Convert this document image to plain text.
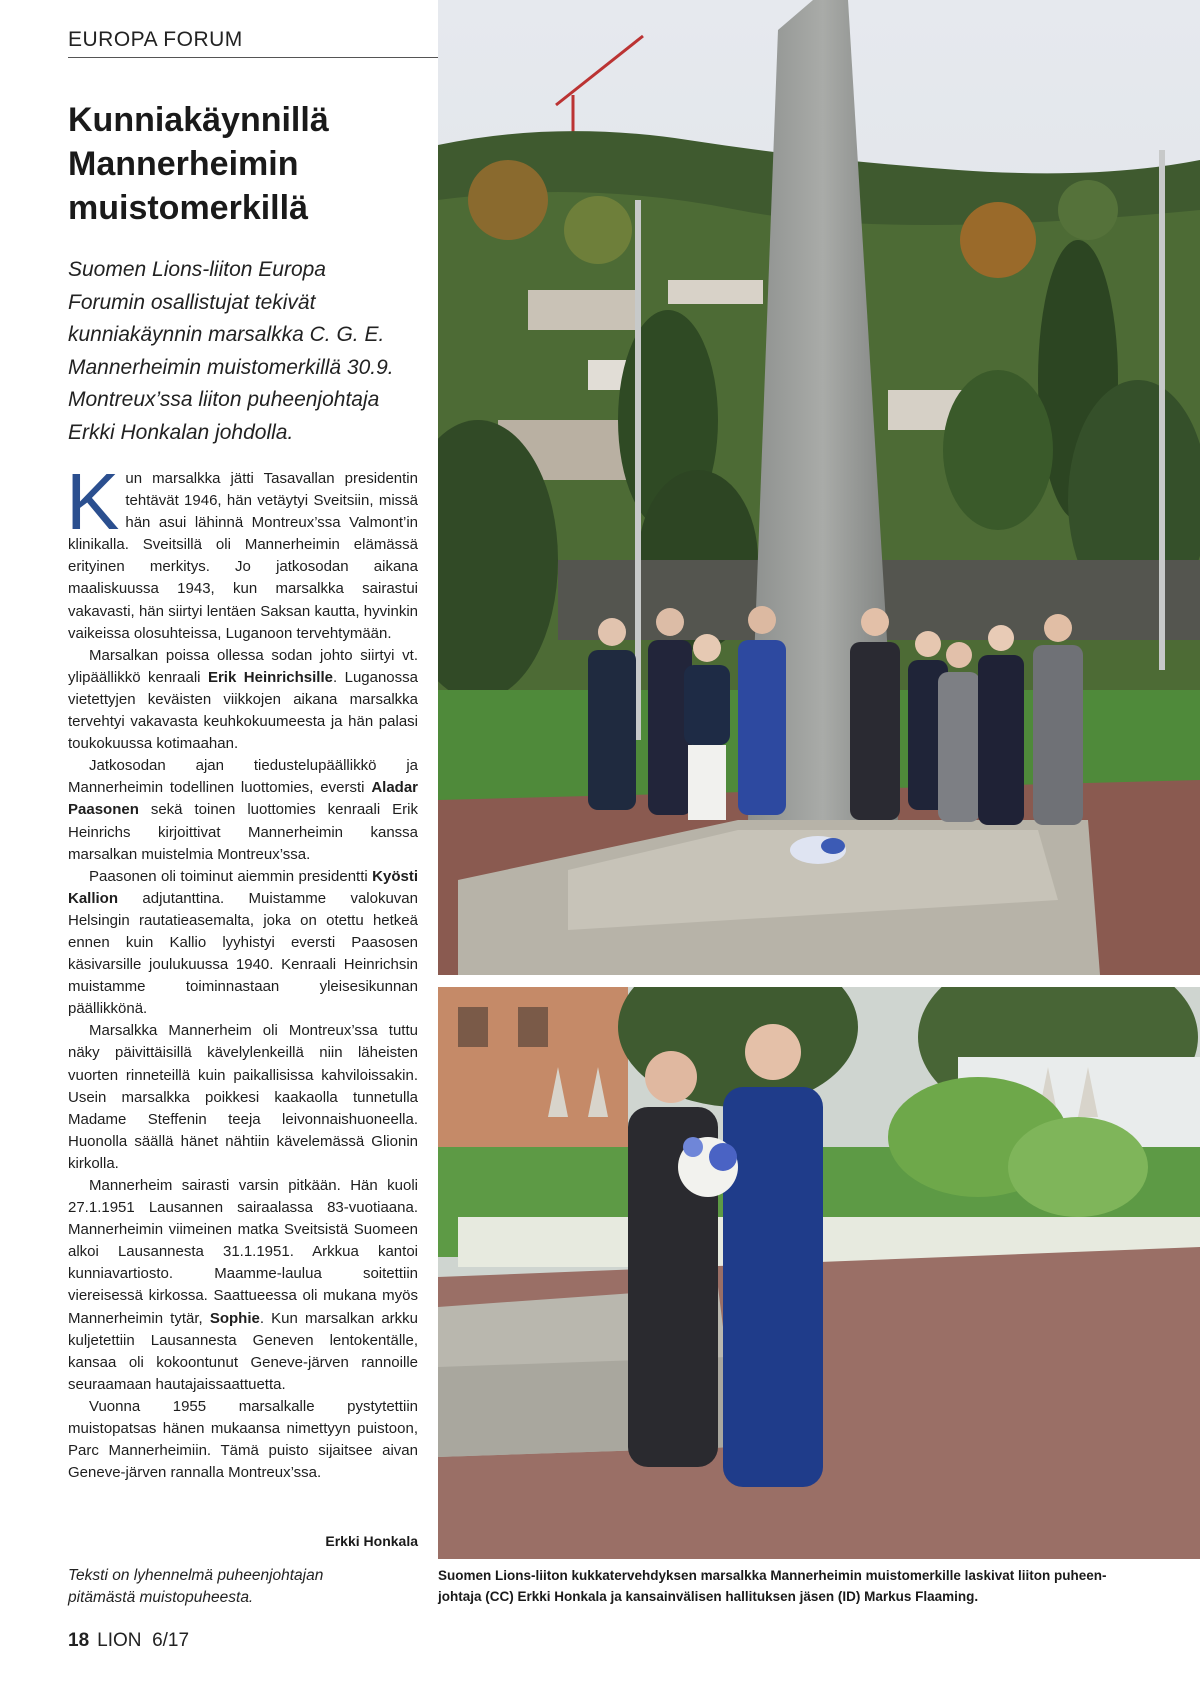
EUROPA FORUM
Kunniakäynnillä
Mannerheimin
muistomerkillä

Suomen Lions-liiton Europa
Forumin osallistujat tekivät
kunniakäynnin marsalkka C. G. E.
Mannerheimin muistomerkillä 30.9.
Montreux’ssa liiton puheenjohtaja
Erkki Honkalan johdolla.

Kun marsalkka jätti Tasavallan presidentin tehtävät 1946, hän vetäytyi Sveitsiin, missä hän asui lähinnä Montreux’ssa Valmont’in klinikalla. Sveitsillä oli Mannerheimin elämässä erityinen merkitys. Jo jatkosodan aikana maaliskuussa 1943, kun marsalkka sairastui vakavasti, hän siirtyi lentäen Saksan kautta, hyvinkin vaikeissa olosuhteissa, Luganoon tervehtymään.

Marsalkan poissa ollessa sodan johto siirtyi vt. ylipäällikkö kenraali Erik Heinrichsille. Luganossa vietettyjen keväisten viikkojen aikana marsalkka tervehtyi vakavasta keuhkokuumeesta ja hän palasi toukokuussa kotimaahan.

Jatkosodan ajan tiedustelupäällikkö ja Mannerheimin todellinen luottomies, eversti Aladar Paasonen sekä toinen luottomies kenraali Erik Heinrichs kirjoittivat Mannerheimin kanssa marsalkan muistelmia Montreux’ssa.

Paasonen oli toiminut aiemmin presidentti Kyösti Kallion adjutanttina. Muistamme valokuvan Helsingin rautatieasemalta, joka on otettu hetkeä ennen kuin Kallio lyyhistyi eversti Paasosen käsivarsille joulukuussa 1940. Kenraali Heinrichsin muistamme toiminnastaan yleisesikunnan päällikkönä.

Marsalkka Mannerheim oli Montreux’ssa tuttu näky päivittäisillä kävelylenkeillä niin läheisten vuorten rinneteillä kuin paikallisissa kahviloissakin. Usein marsalkka poikkesi kaakaolla tunnetulla Madame Steffenin teeja leivonnaishuoneella. Huonolla säällä hänet nähtiin kävelemässä Glionin kirkolla.

Mannerheim sairasti varsin pitkään. Hän kuoli 27.1.1951 Lausannen sairaalassa 83-vuotiaana. Mannerheimin viimeinen matka Sveitsistä Suomeen alkoi Lausannesta 31.1.1951. Arkkua kantoi kunniavartiosto. Maamme-laulua soitettiin viereisessä kirkossa. Saattueessa oli mukana myös Mannerheimin tytär, Sophie. Kun marsalkan arkku kuljetettiin Lausannesta Geneven lentokentälle, kansaa oli kokoontunut Geneve-järven rannoille seuraamaan hautajaissaattuetta.

Vuonna 1955 marsalkalle pystytettiin muistopatsas hänen mukaansa nimettyyn puistoon, Parc Mannerheimiin. Tämä puisto sijaitsee aivan Geneve-järven rannalla Montreux’ssa.

Erkki Honkala
Teksti on lyhennelmä puheenjohtajan
pitämästä muistopuheesta.
18 LION 6/17
Suomen Lions-liiton kukkatervehdyksen marsalkka Mannerheimin muistomerkille laskivat liiton puheen-
johtaja (CC) Erkki Honkala ja kansainvälisen hallituksen jäsen (ID) Markus Flaaming.
